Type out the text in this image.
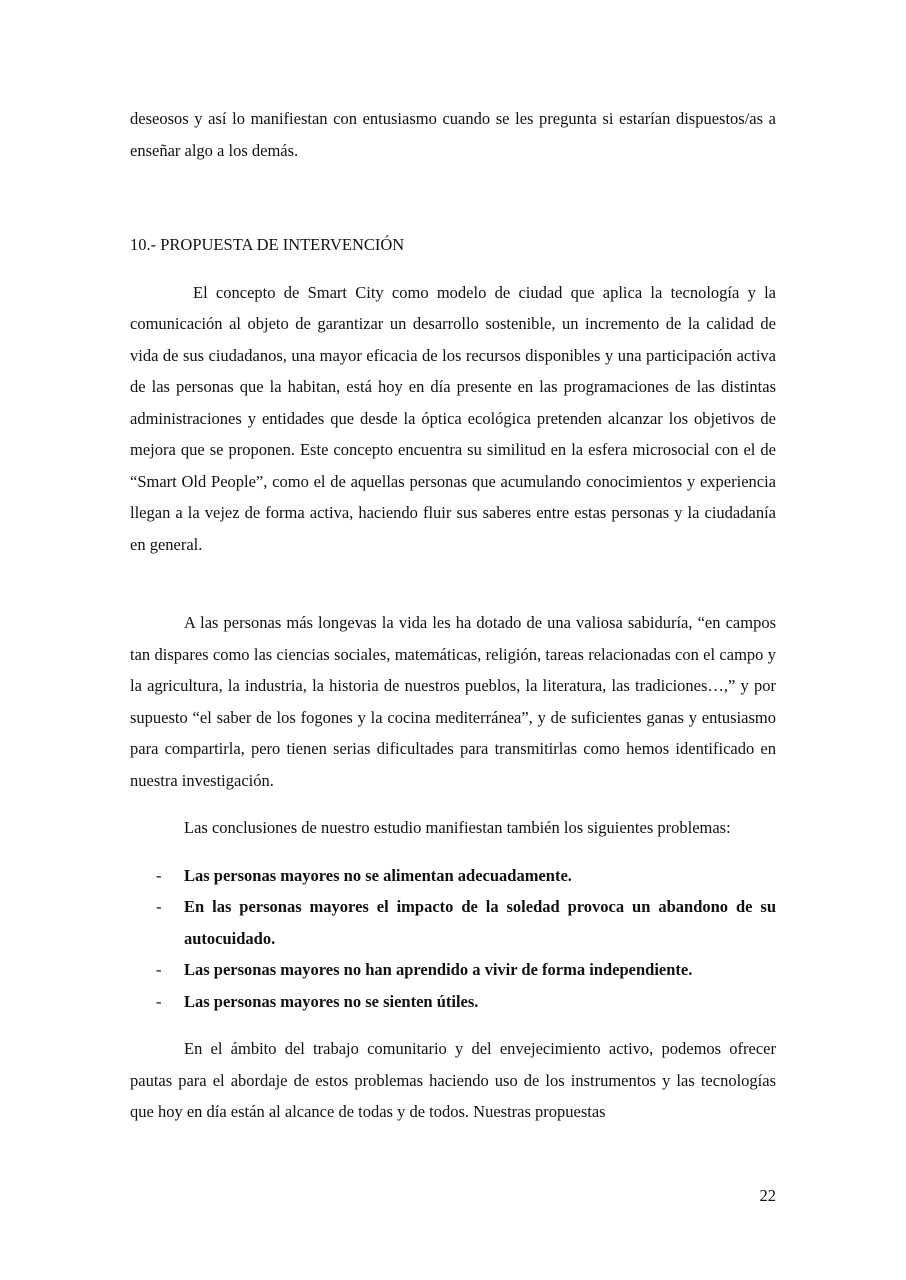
deseosos y así lo manifiestan con entusiasmo cuando se les pregunta si estarían dispuestos/as a enseñar algo a los demás.

10.- PROPUESTA DE INTERVENCIÓN

El concepto de Smart City como modelo de ciudad que aplica la tecnología y la comunicación al objeto de garantizar un desarrollo sostenible, un incremento de la calidad de vida de sus ciudadanos, una mayor eficacia de los recursos disponibles y una participación activa de las personas que la habitan, está hoy en día presente en las programaciones de las distintas administraciones y entidades que desde la óptica ecológica pretenden alcanzar los objetivos de mejora que se proponen. Este concepto encuentra su similitud en la esfera microsocial con el de “Smart Old People”, como el de aquellas personas que acumulando conocimientos y experiencia llegan a la vejez de forma activa, haciendo fluir sus saberes entre estas personas y la ciudadanía en general.

A las personas más longevas la vida les ha dotado de una valiosa sabiduría, “en campos tan dispares como las ciencias sociales, matemáticas, religión, tareas relacionadas con el campo y la agricultura, la industria, la historia de nuestros pueblos, la literatura, las tradiciones…,” y por supuesto “el saber de los fogones y la cocina mediterránea”, y de suficientes ganas y entusiasmo para compartirla, pero tienen serias dificultades para transmitirlas como hemos identificado en nuestra investigación.

Las conclusiones de nuestro estudio manifiestan también los siguientes problemas:

- Las personas mayores no se alimentan adecuadamente.
- En las personas mayores el impacto de la soledad provoca un abandono de su autocuidado.
- Las personas mayores no han aprendido a vivir de forma independiente.
- Las personas mayores no se sienten útiles.

En el ámbito del trabajo comunitario y del envejecimiento activo, podemos ofrecer pautas para el abordaje de estos problemas haciendo uso de los instrumentos y las tecnologías que hoy en día están al alcance de todas y de todos. Nuestras propuestas

22
